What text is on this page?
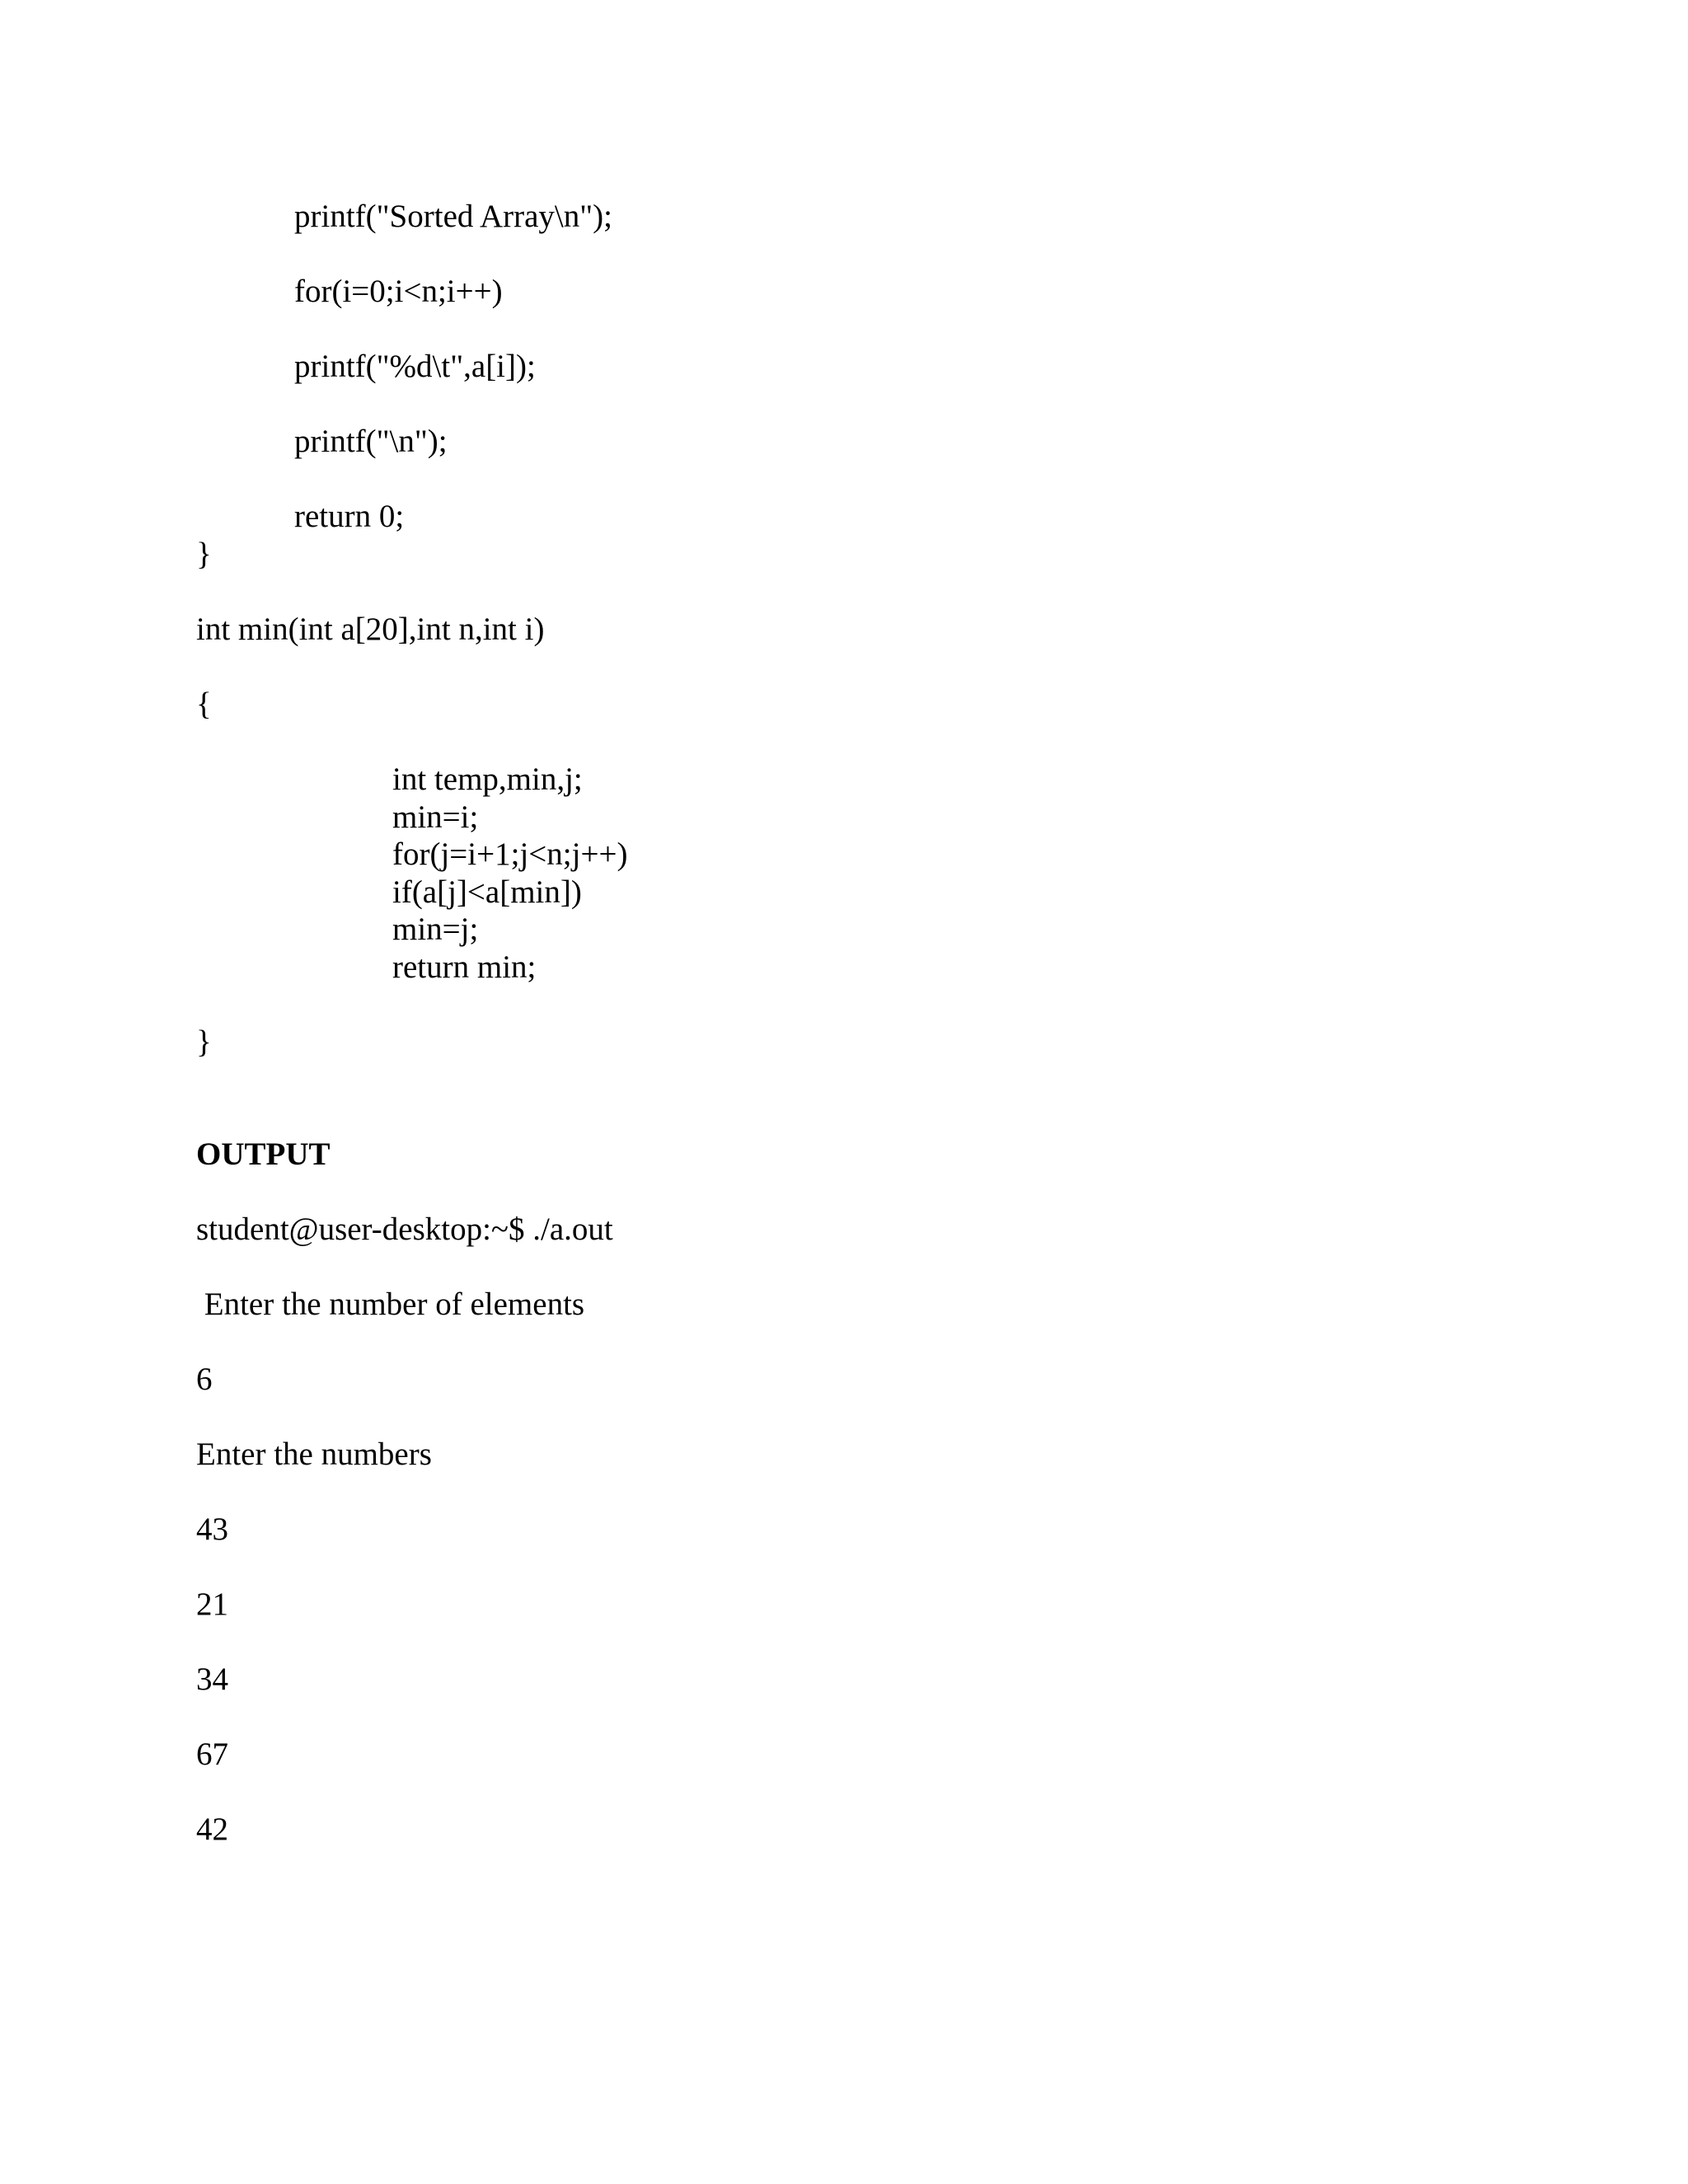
printf("Sorted Array\n");

for(i=0;i<n;i++)

printf("%d\t",a[i]);

printf("\n");

return 0;

}

int min(int a[20],int n,int i)

{

int temp,min,j;

min=i;

for(j=i+1;j<n;j++)

if(a[j]<a[min])

min=j;

return min;

}

OUTPUT

student@user-desktop:~$ ./a.out

Enter the number of elements

6

Enter the numbers

43

21

34

67

42
